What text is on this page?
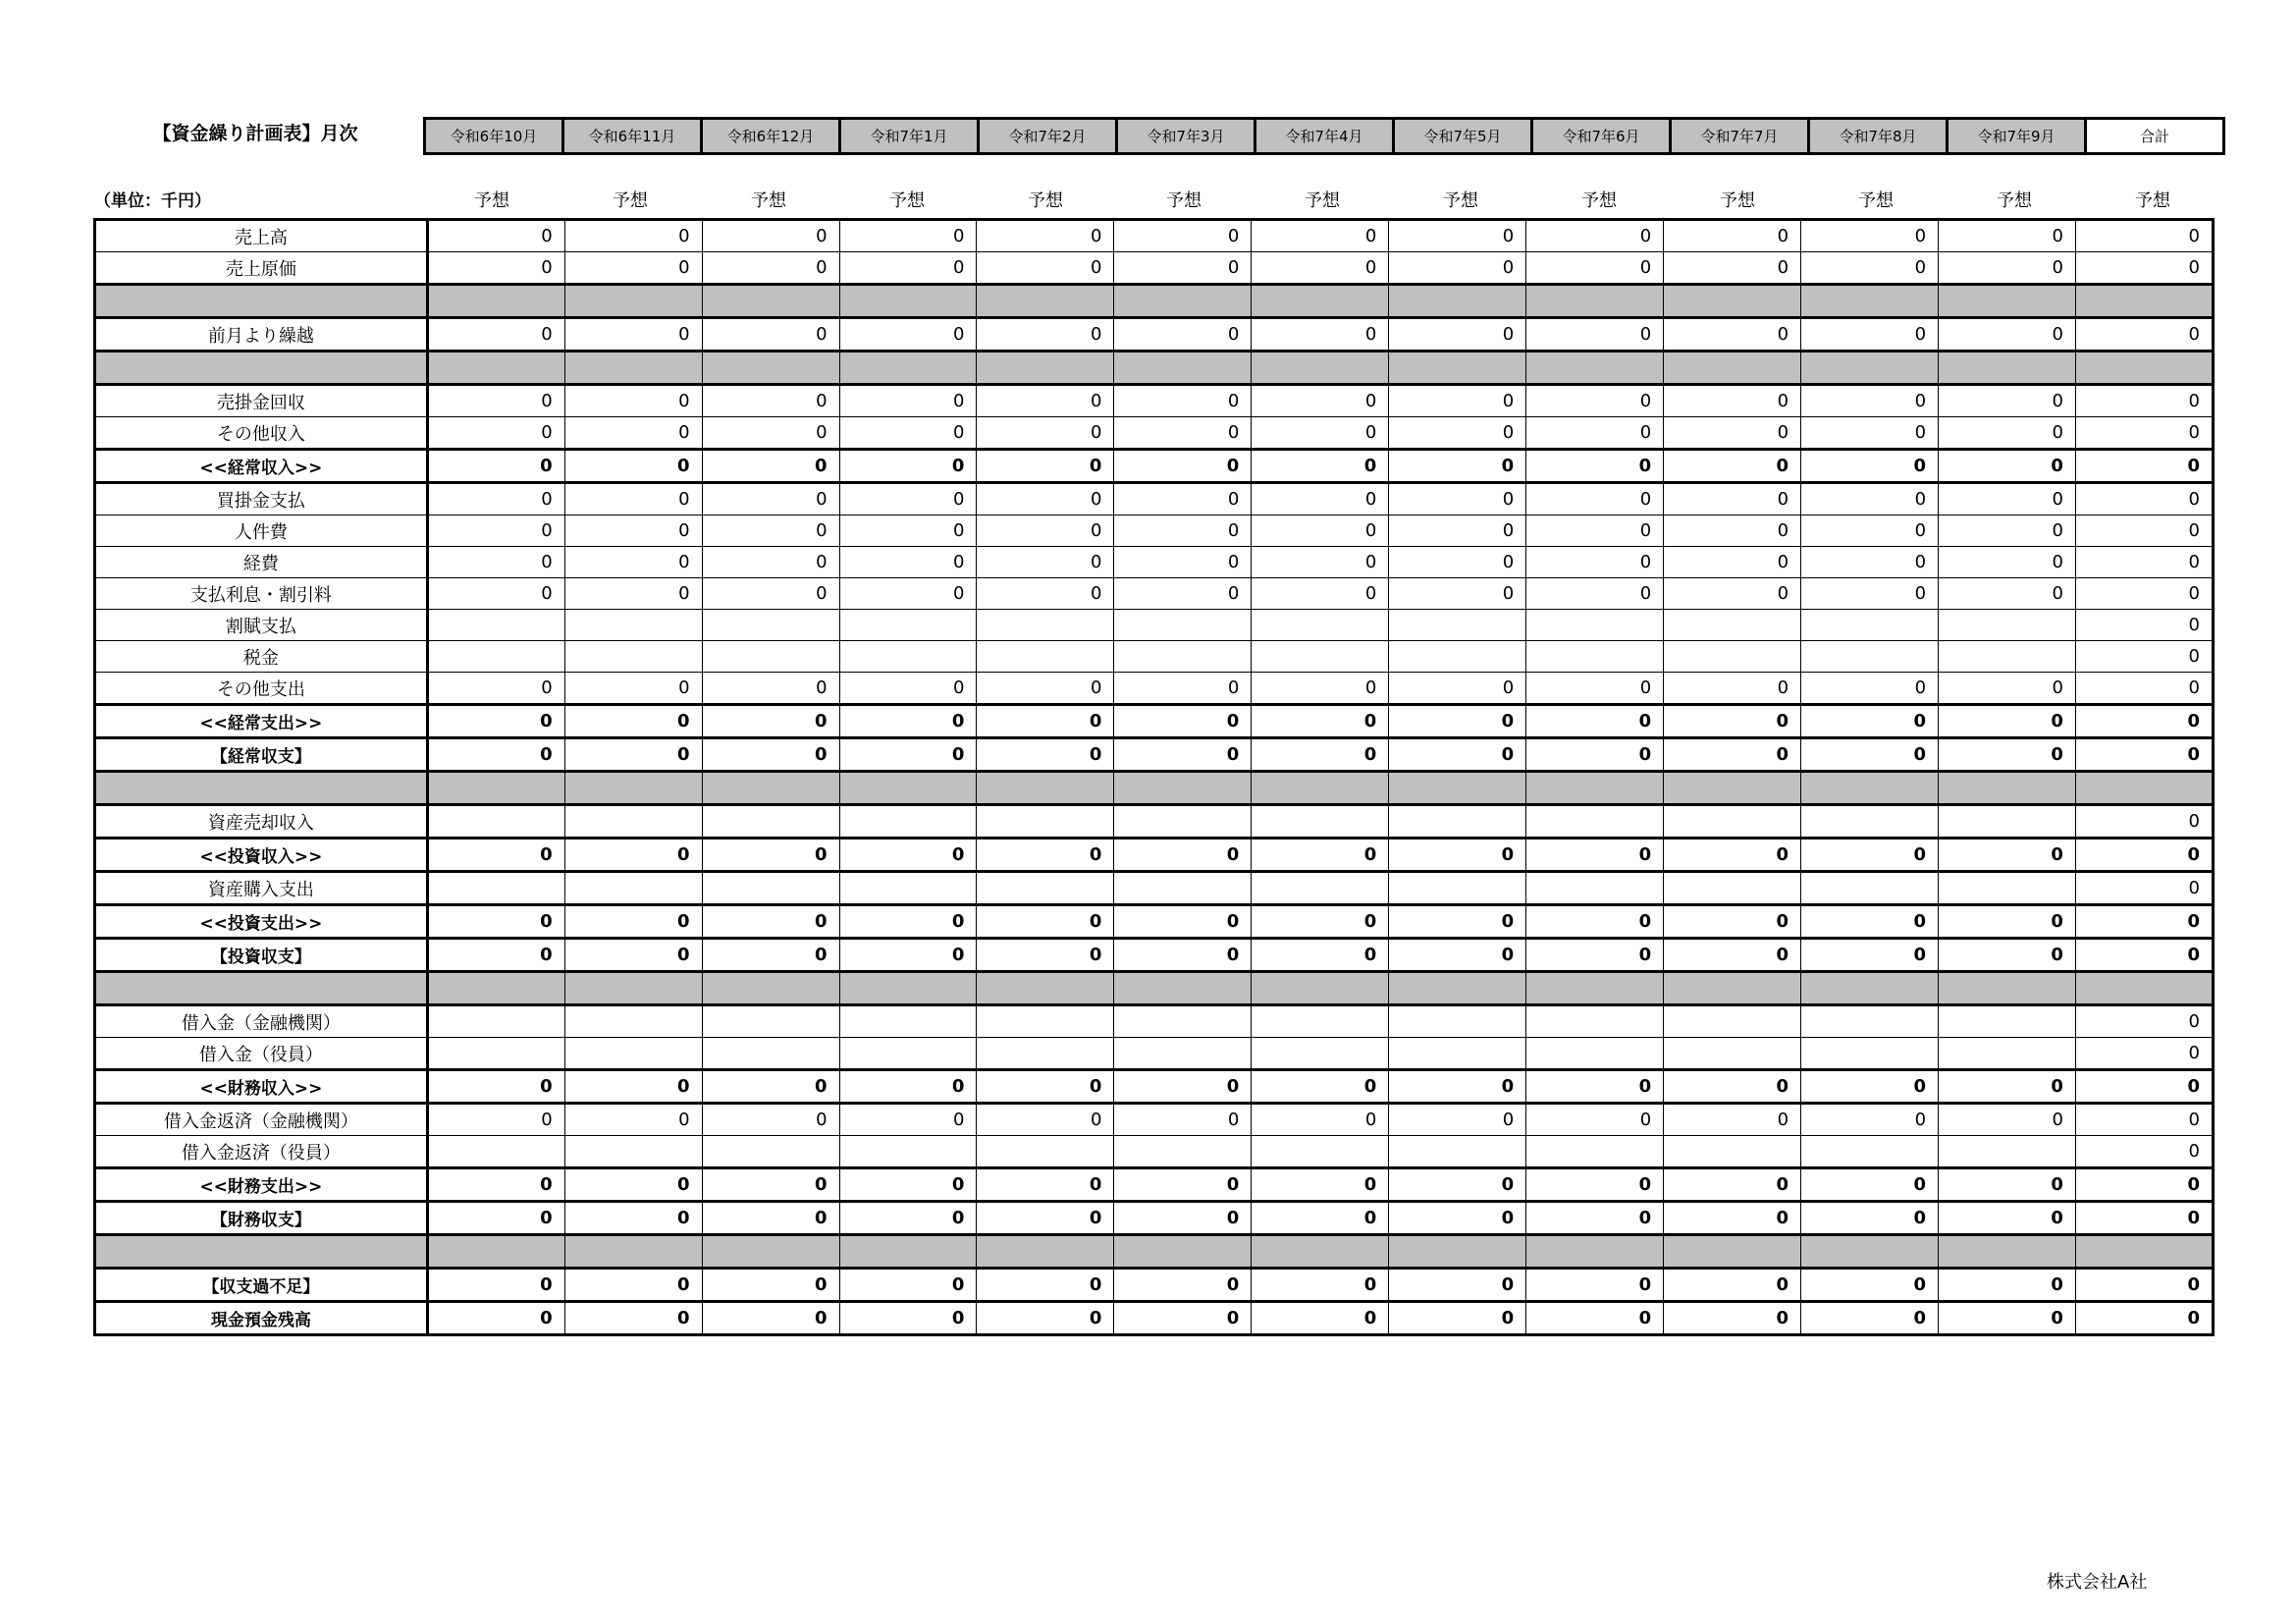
【資金繰り計画表】月次	令和6年10月	令和6年11月	令和6年12月	令和7年1月	令和7年2月	令和7年3月	令和7年4月	令和7年5月	令和7年6月	令和7年7月	令和7年8月	令和7年9月	合計
（単位：千円）	予想	予想	予想	予想	予想	予想	予想	予想	予想	予想	予想	予想	予想
売上高	0	0	0	0	0	0	0	0	0	0	0	0	0
売上原価	0	0	0	0	0	0	0	0	0	0	0	0	0

前月より繰越	0	0	0	0	0	0	0	0	0	0	0	0	0

売掛金回収	0	0	0	0	0	0	0	0	0	0	0	0	0
その他収入	0	0	0	0	0	0	0	0	0	0	0	0	0
<<経常収入>>	0	0	0	0	0	0	0	0	0	0	0	0	0
買掛金支払	0	0	0	0	0	0	0	0	0	0	0	0	0
人件費	0	0	0	0	0	0	0	0	0	0	0	0	0
経費	0	0	0	0	0	0	0	0	0	0	0	0	0
支払利息・割引料	0	0	0	0	0	0	0	0	0	0	0	0	0
割賦支払													0
税金													0
その他支出	0	0	0	0	0	0	0	0	0	0	0	0	0
<<経常支出>>	0	0	0	0	0	0	0	0	0	0	0	0	0
【経常収支】	0	0	0	0	0	0	0	0	0	0	0	0	0

資産売却収入													0
<<投資収入>>	0	0	0	0	0	0	0	0	0	0	0	0	0
資産購入支出													0
<<投資支出>>	0	0	0	0	0	0	0	0	0	0	0	0	0
【投資収支】	0	0	0	0	0	0	0	0	0	0	0	0	0

借入金（金融機関）													0
借入金（役員）													0
<<財務収入>>	0	0	0	0	0	0	0	0	0	0	0	0	0
借入金返済（金融機関）	0	0	0	0	0	0	0	0	0	0	0	0	0
借入金返済（役員）													0
<<財務支出>>	0	0	0	0	0	0	0	0	0	0	0	0	0
【財務収支】	0	0	0	0	0	0	0	0	0	0	0	0	0

【収支過不足】	0	0	0	0	0	0	0	0	0	0	0	0	0
現金預金残高	0	0	0	0	0	0	0	0	0	0	0	0	0
株式会社A社
